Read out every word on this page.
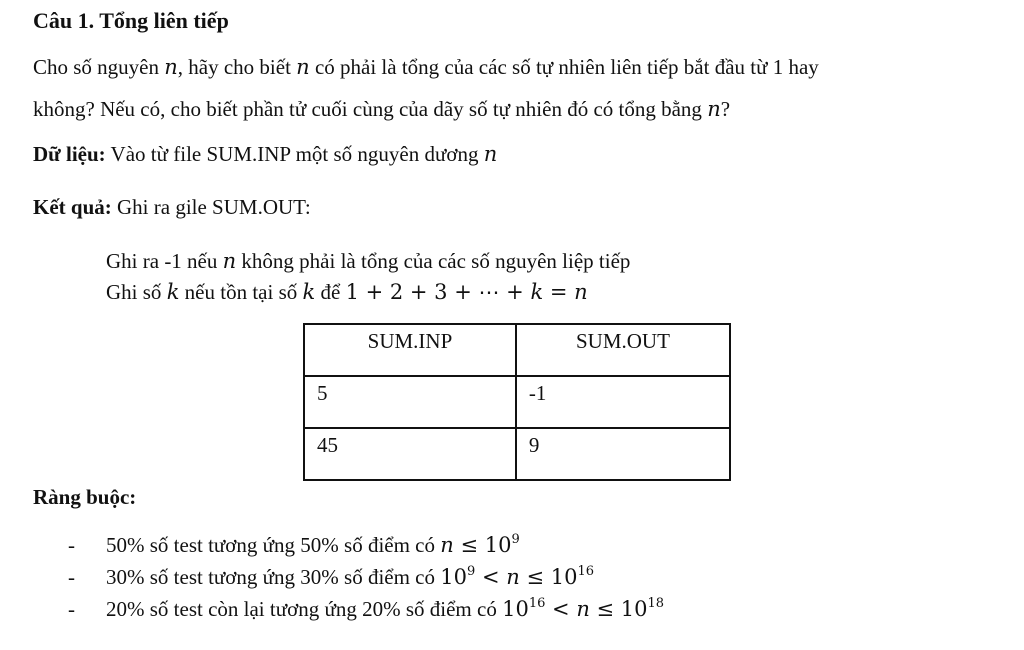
Câu 1. Tổng liên tiếp
Cho số nguyên n, hãy cho biết n có phải là tổng của các số tự nhiên liên tiếp bắt đầu từ 1 hay
không? Nếu có, cho biết phần tử cuối cùng của dãy số tự nhiên đó có tổng bằng n?
Dữ liệu: Vào từ file SUM.INP một số nguyên dương n
Kết quả: Ghi ra gile SUM.OUT:
Ghi ra -1 nếu n không phải là tổng của các số nguyên liệp tiếp
Ghi số k nếu tồn tại số k để 1 + 2 + 3 + ⋯ + k = n
SUM.INP	SUM.OUT
5	-1
45	9
Ràng buộc:
- 50% số test tương ứng 50% số điểm có $n \le 10^9$
- 30% số test tương ứng 30% số điểm có $10^9 < n \le 10^{16}$
- 20% số test còn lại tương ứng 20% số điểm có $10^{16} < n \le 10^{18}$
